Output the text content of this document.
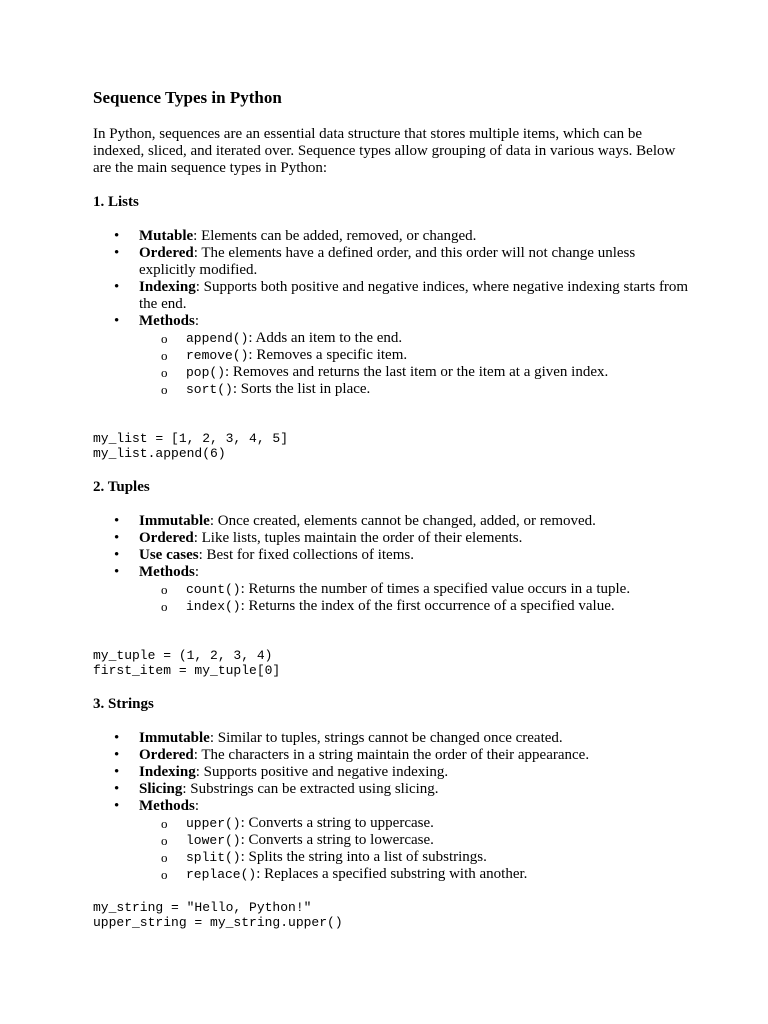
Sequence Types in Python

In Python, sequences are an essential data structure that stores multiple items, which can be indexed, sliced, and iterated over. Sequence types allow grouping of data in various ways. Below are the main sequence types in Python:

1. Lists
• Mutable: Elements can be added, removed, or changed.
• Ordered: The elements have a defined order, and this order will not change unless explicitly modified.
• Indexing: Supports both positive and negative indices, where negative indexing starts from the end.
• Methods:
o append(): Adds an item to the end.
o remove(): Removes a specific item.
o pop(): Removes and returns the last item or the item at a given index.
o sort(): Sorts the list in place.
my_list = [1, 2, 3, 4, 5]
my_list.append(6)
2. Tuples
• Immutable: Once created, elements cannot be changed, added, or removed.
• Ordered: Like lists, tuples maintain the order of their elements.
• Use cases: Best for fixed collections of items.
• Methods:
o count(): Returns the number of times a specified value occurs in a tuple.
o index(): Returns the index of the first occurrence of a specified value.
my_tuple = (1, 2, 3, 4)
first_item = my_tuple[0]
3. Strings
• Immutable: Similar to tuples, strings cannot be changed once created.
• Ordered: The characters in a string maintain the order of their appearance.
• Indexing: Supports positive and negative indexing.
• Slicing: Substrings can be extracted using slicing.
• Methods:
o upper(): Converts a string to uppercase.
o lower(): Converts a string to lowercase.
o split(): Splits the string into a list of substrings.
o replace(): Replaces a specified substring with another.
my_string = "Hello, Python!"
upper_string = my_string.upper()
